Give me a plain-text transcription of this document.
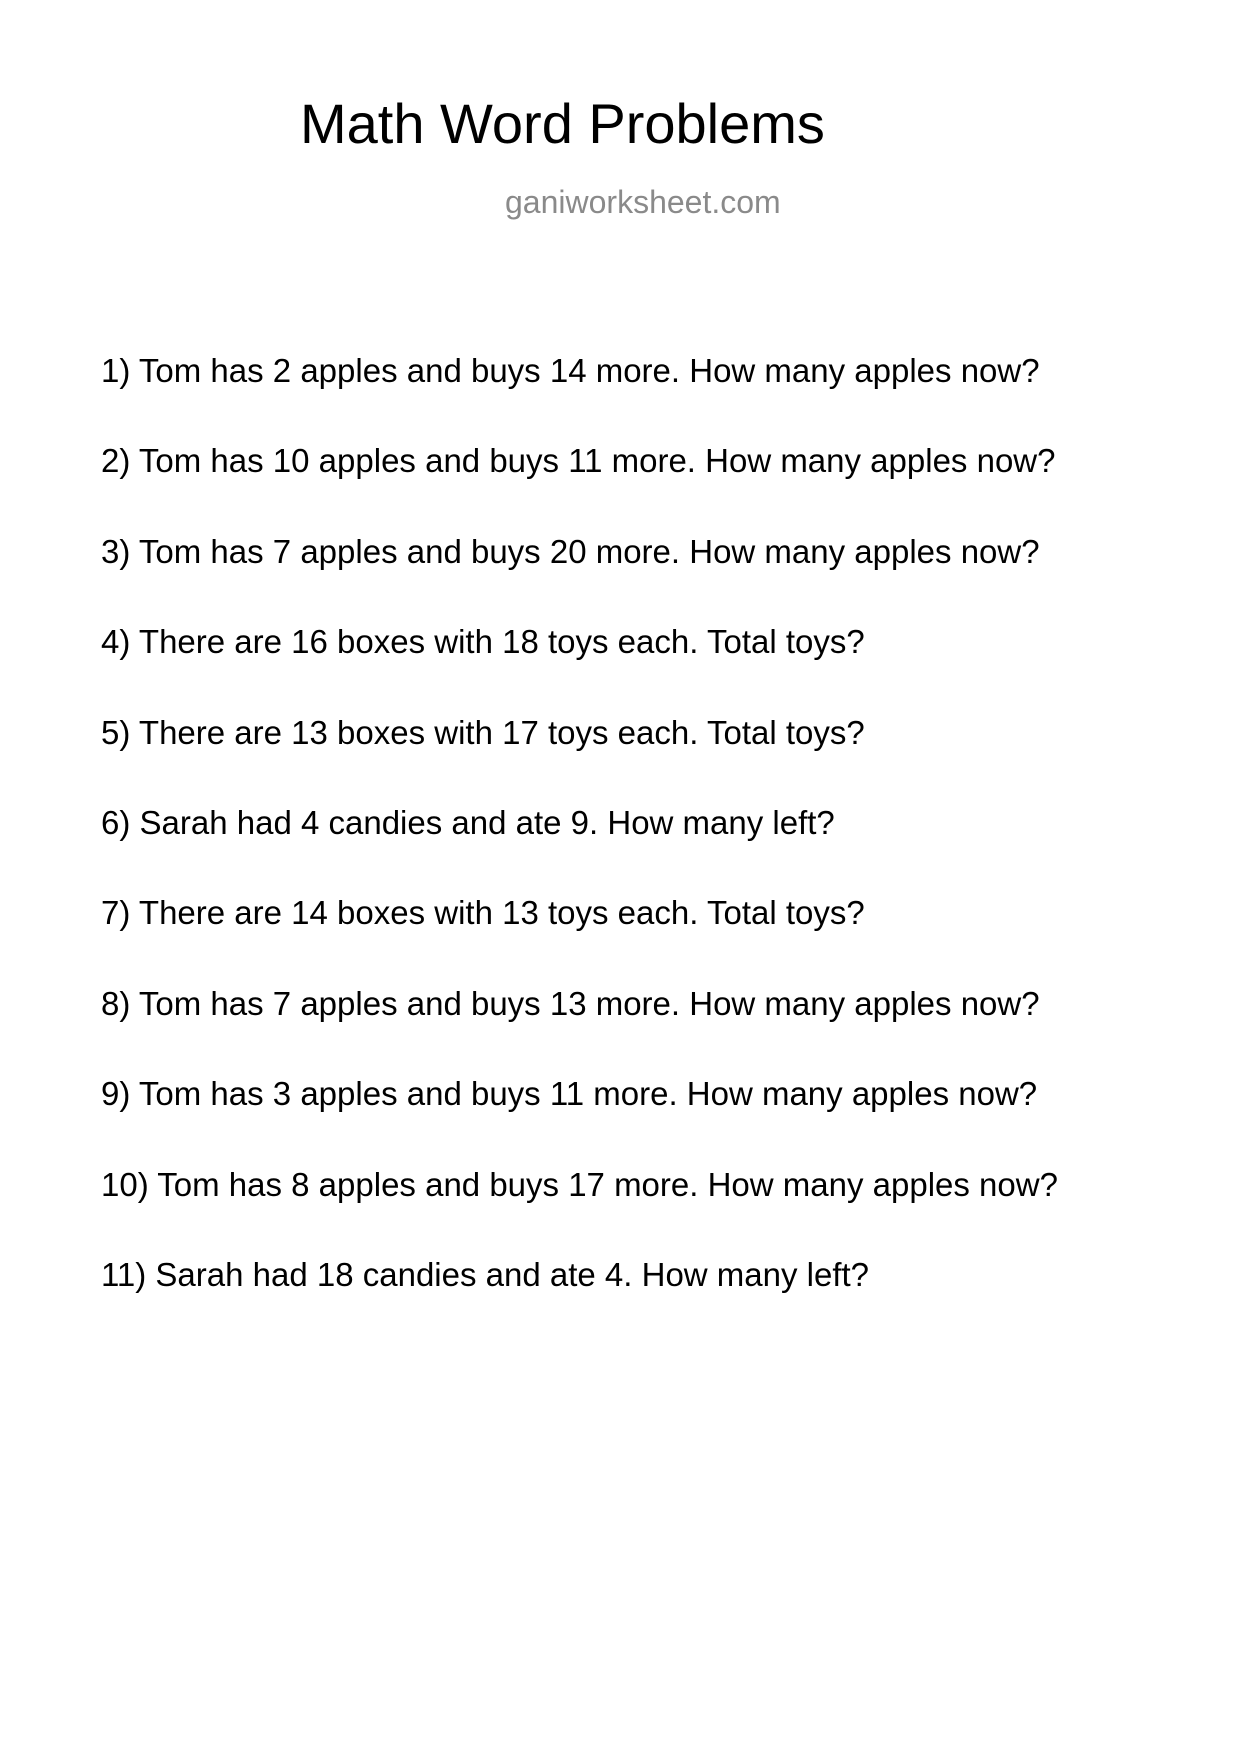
Math Word Problems
ganiworksheet.com
1) Tom has 2 apples and buys 14 more. How many apples now?
2) Tom has 10 apples and buys 11 more. How many apples now?
3) Tom has 7 apples and buys 20 more. How many apples now?
4) There are 16 boxes with 18 toys each. Total toys?
5) There are 13 boxes with 17 toys each. Total toys?
6) Sarah had 4 candies and ate 9. How many left?
7) There are 14 boxes with 13 toys each. Total toys?
8) Tom has 7 apples and buys 13 more. How many apples now?
9) Tom has 3 apples and buys 11 more. How many apples now?
10) Tom has 8 apples and buys 17 more. How many apples now?
11) Sarah had 18 candies and ate 4. How many left?
